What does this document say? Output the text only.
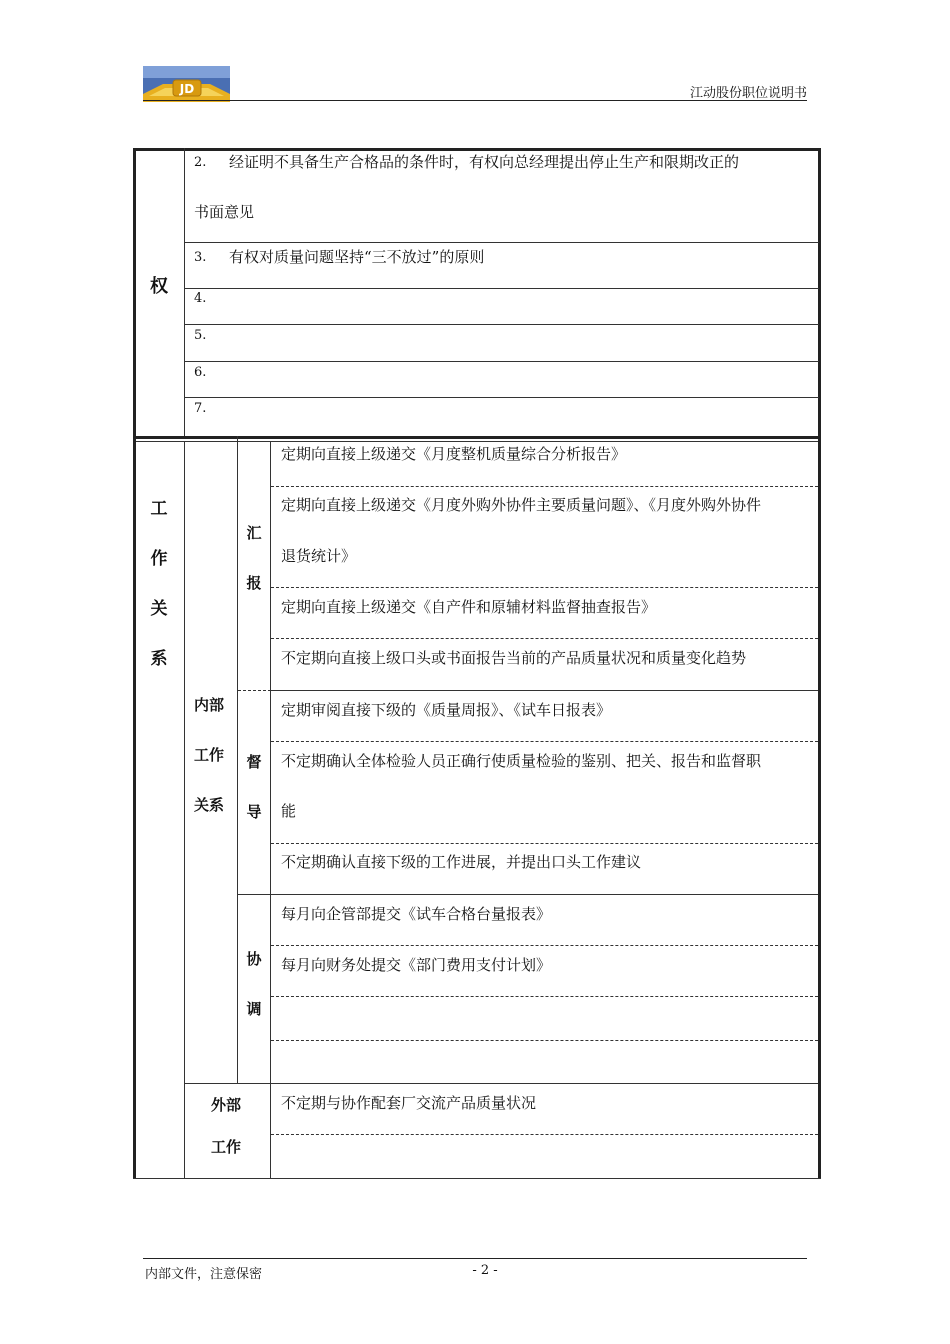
JD	江动股份职位说明书
权
2. 经证明不具备生产合格品的条件时，有权向总经理提出停止生产和限期改正的
书面意见
3. 有权对质量问题坚持“三不放过”的原则
4.
5.
6.
7.
工
作
关
系
内部
工作
关系
汇
报
定期向直接上级递交《月度整机质量综合分析报告》
定期向直接上级递交《月度外购外协件主要质量问题》、《月度外购外协件
退货统计》
定期向直接上级递交《自产件和原辅材料监督抽查报告》
不定期向直接上级口头或书面报告当前的产品质量状况和质量变化趋势
督
导
定期审阅直接下级的《质量周报》、《试车日报表》
不定期确认全体检验人员正确行使质量检验的鉴别、把关、报告和监督职
能
不定期确认直接下级的工作进展，并提出口头工作建议
协
调
每月向企管部提交《试车合格台量报表》
每月向财务处提交《部门费用支付计划》
外部
工作
不定期与协作配套厂交流产品质量状况
内部文件，注意保密	- 2 -
